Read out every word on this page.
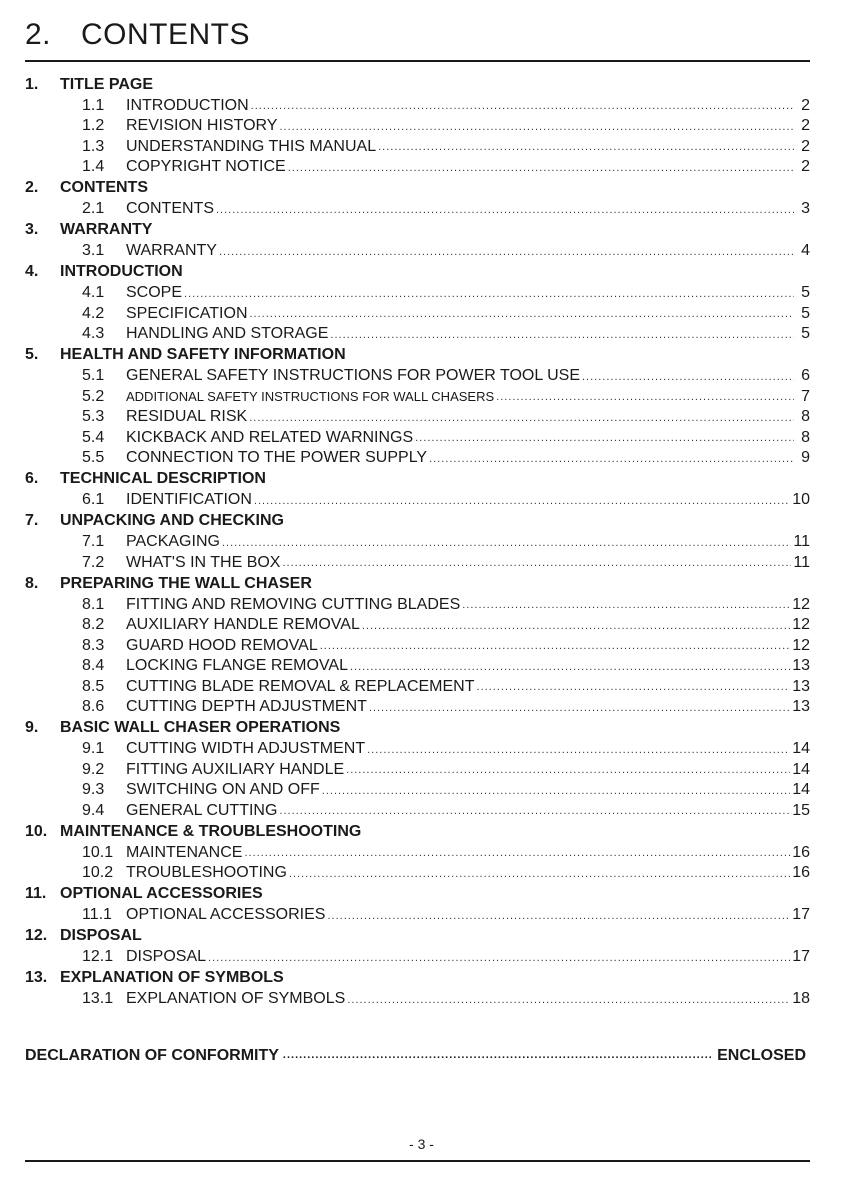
2. CONTENTS
1.	TITLE PAGE
1.1	INTRODUCTION .....	2
1.2	REVISION HISTORY .....	2
1.3	UNDERSTANDING THIS MANUAL .....	2
1.4	COPYRIGHT NOTICE .....	2
2.	CONTENTS
2.1	CONTENTS .....	3
3.	WARRANTY
3.1	WARRANTY .....	4
4.	INTRODUCTION
4.1	SCOPE .....	5
4.2	SPECIFICATION .....	5
4.3	HANDLING AND STORAGE .....	5
5.	HEALTH AND SAFETY INFORMATION
5.1	GENERAL SAFETY INSTRUCTIONS FOR POWER TOOL USE .....	6
5.2	ADDITIONAL SAFETY INSTRUCTIONS FOR WALL CHASERS .....	7
5.3	RESIDUAL RISK .....	8
5.4	KICKBACK AND RELATED WARNINGS .....	8
5.5	CONNECTION TO THE POWER SUPPLY .....	9
6.	TECHNICAL DESCRIPTION
6.1	IDENTIFICATION .....	10
7.	UNPACKING AND CHECKING
7.1	PACKAGING .....	11
7.2	WHAT'S IN THE BOX .....	11
8.	PREPARING THE WALL CHASER
8.1	FITTING AND REMOVING CUTTING BLADES .....	12
8.2	AUXILIARY HANDLE REMOVAL .....	12
8.3	GUARD HOOD REMOVAL .....	12
8.4	LOCKING FLANGE REMOVAL .....	13
8.5	CUTTING BLADE REMOVAL & REPLACEMENT .....	13
8.6	CUTTING DEPTH ADJUSTMENT .....	13
9.	BASIC WALL CHASER OPERATIONS
9.1	CUTTING WIDTH ADJUSTMENT .....	14
9.2	FITTING AUXILIARY HANDLE .....	14
9.3	SWITCHING ON AND OFF .....	14
9.4	GENERAL CUTTING .....	15
10. MAINTENANCE & TROUBLESHOOTING
10.1 MAINTENANCE .....	16
10.2 TROUBLESHOOTING .....	16
11. OPTIONAL ACCESSORIES
11.1 OPTIONAL ACCESSORIES .....	17
12. DISPOSAL
12.1 DISPOSAL .....	17
13. EXPLANATION OF SYMBOLS
13.1 EXPLANATION OF SYMBOLS .....	18
DECLARATION OF CONFORMITY .....	ENCLOSED
- 3 -
